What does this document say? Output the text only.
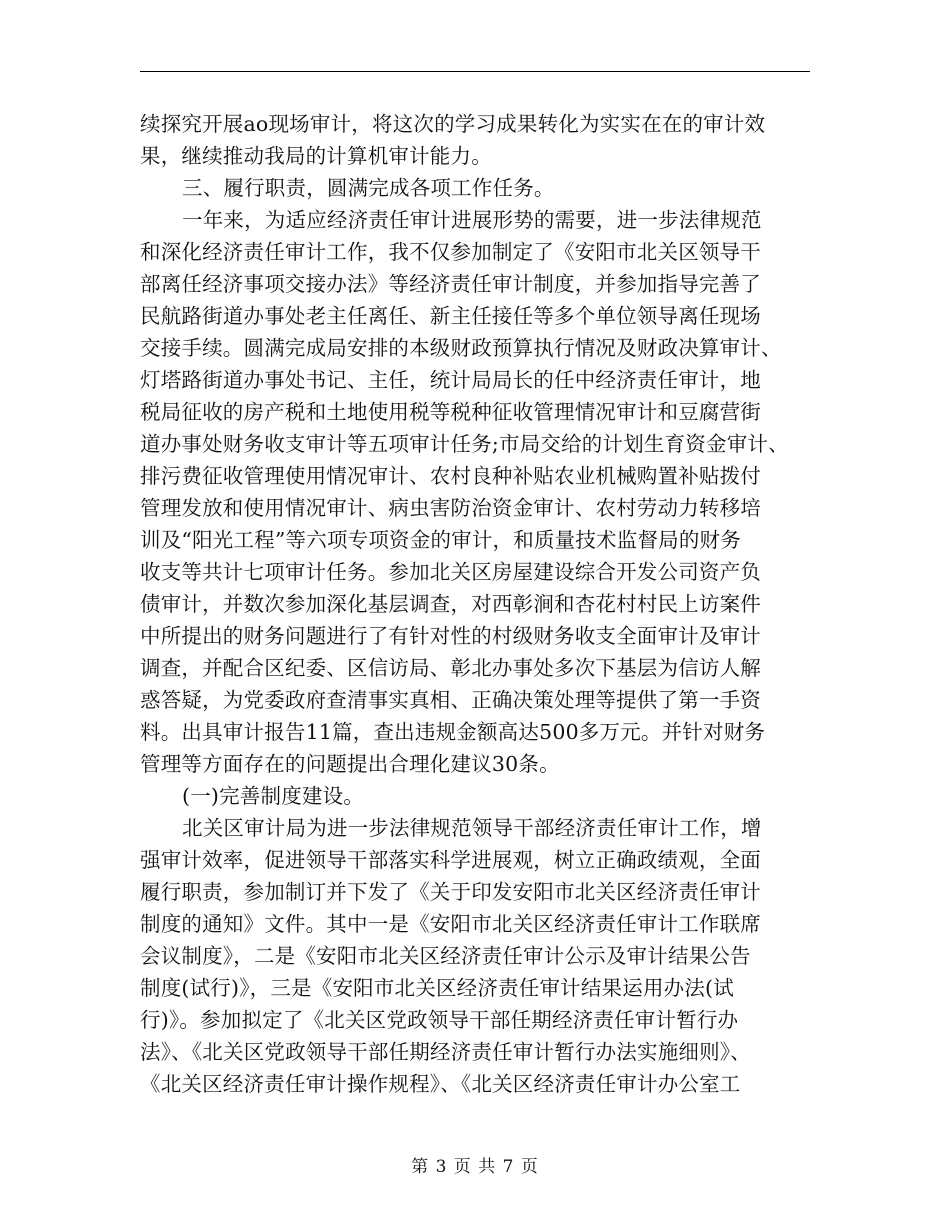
续探究开展ao现场审计，将这次的学习成果转化为实实在在的审计效
果，继续推动我局的计算机审计能力。
三、履行职责，圆满完成各项工作任务。
一年来，为适应经济责任审计进展形势的需要，进一步法律规范
和深化经济责任审计工作，我不仅参加制定了《安阳市北关区领导干
部离任经济事项交接办法》等经济责任审计制度，并参加指导完善了
民航路街道办事处老主任离任、新主任接任等多个单位领导离任现场
交接手续。圆满完成局安排的本级财政预算执行情况及财政决算审计、
灯塔路街道办事处书记、主任，统计局局长的任中经济责任审计，地
税局征收的房产税和土地使用税等税种征收管理情况审计和豆腐营街
道办事处财务收支审计等五项审计任务;市局交给的计划生育资金审计、
排污费征收管理使用情况审计、农村良种补贴农业机械购置补贴拨付
管理发放和使用情况审计、病虫害防治资金审计、农村劳动力转移培
训及“阳光工程”等六项专项资金的审计，和质量技术监督局的财务
收支等共计七项审计任务。参加北关区房屋建设综合开发公司资产负
债审计，并数次参加深化基层调查，对西彰涧和杏花村村民上访案件
中所提出的财务问题进行了有针对性的村级财务收支全面审计及审计
调查，并配合区纪委、区信访局、彰北办事处多次下基层为信访人解
惑答疑，为党委政府查清事实真相、正确决策处理等提供了第一手资
料。出具审计报告11篇，查出违规金额高达500多万元。并针对财务
管理等方面存在的问题提出合理化建议30条。
(一)完善制度建设。
北关区审计局为进一步法律规范领导干部经济责任审计工作，增
强审计效率，促进领导干部落实科学进展观，树立正确政绩观，全面
履行职责，参加制订并下发了《关于印发安阳市北关区经济责任审计
制度的通知》文件。其中一是《安阳市北关区经济责任审计工作联席
会议制度》，二是《安阳市北关区经济责任审计公示及审计结果公告
制度(试行)》，三是《安阳市北关区经济责任审计结果运用办法(试
行)》。参加拟定了《北关区党政领导干部任期经济责任审计暂行办
法》、《北关区党政领导干部任期经济责任审计暂行办法实施细则》、
《北关区经济责任审计操作规程》、《北关区经济责任审计办公室工
第 3 页 共 7 页
